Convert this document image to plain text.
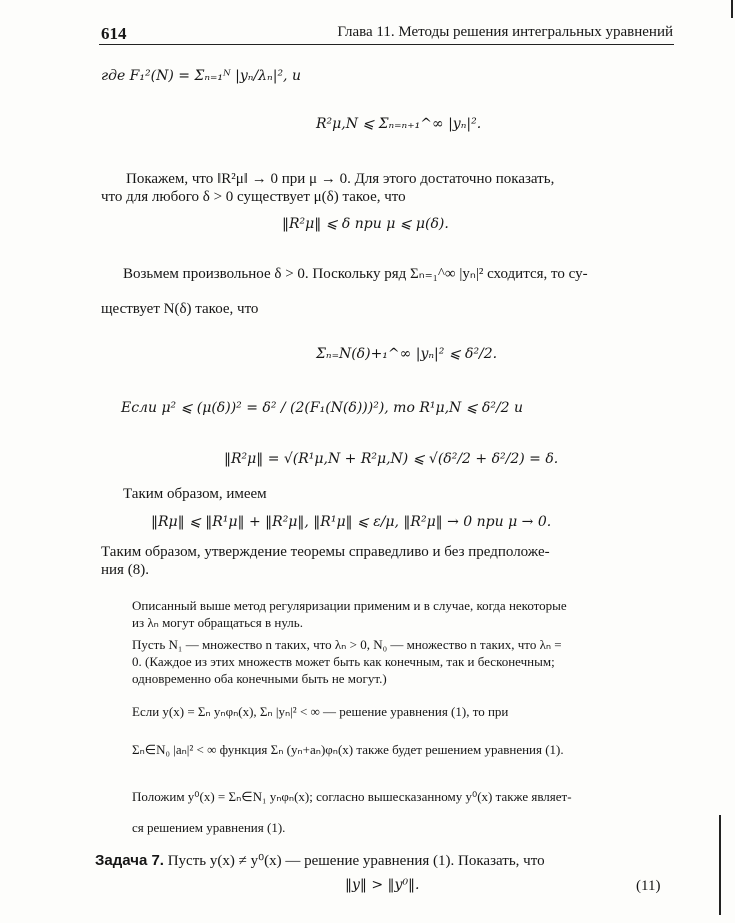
614	Глава 11. Методы решения интегральных уравнений
где F₁²(N) = Σₙ₌₁ᴺ |yₙ/λₙ|², и
R²μ,N ⩽ Σₙ₌ₙ₊₁^∞ |yₙ|².
Покажем, что ‖R²μ‖ → 0 при μ → 0. Для этого достаточно показать,
что для любого δ > 0 существует μ(δ) такое, что
‖R²μ‖ ⩽ δ при μ ⩽ μ(δ).
Возьмем произвольное δ > 0. Поскольку ряд Σₙ₌₁^∞ |yₙ|² сходится, то су-
ществует N(δ) такое, что
Σₙ₌N(δ)+₁^∞ |yₙ|² ⩽ δ²/2.
Если μ² ⩽ (μ(δ))² = δ² / (2(F₁(N(δ)))²), то R¹μ,N ⩽ δ²/2 и
‖R²μ‖ = √(R¹μ,N + R²μ,N) ⩽ √(δ²/2 + δ²/2) = δ.
Таким образом, имеем
‖Rμ‖ ⩽ ‖R¹μ‖ + ‖R²μ‖, ‖R¹μ‖ ⩽ ε/μ, ‖R²μ‖ → 0 при μ → 0.
Таким образом, утверждение теоремы справедливо и без предположе-
ния (8).
Описанный выше метод регуляризации применим и в случае, когда некоторые
из λₙ могут обращаться в нуль.
Пусть N₁ — множество n таких, что λₙ > 0, N₀ — множество n таких, что λₙ =
0. (Каждое из этих множеств может быть как конечным, так и бесконечным;
одновременно оба конечными быть не могут.)
Если y(x) = Σₙ yₙφₙ(x), Σₙ |yₙ|² < ∞ — решение уравнения (1), то при
Σₙ∈N₀ |aₙ|² < ∞ функция Σₙ (yₙ+aₙ)φₙ(x) также будет решением уравнения (1).
Положим y⁰(x) = Σₙ∈N₁ yₙφₙ(x); согласно вышесказанному y⁰(x) также являет-
ся решением уравнения (1).
Задача 7. Пусть y(x) ≠ y⁰(x) — решение уравнения (1). Показать, что
‖y‖ > ‖y⁰‖.	(11)
